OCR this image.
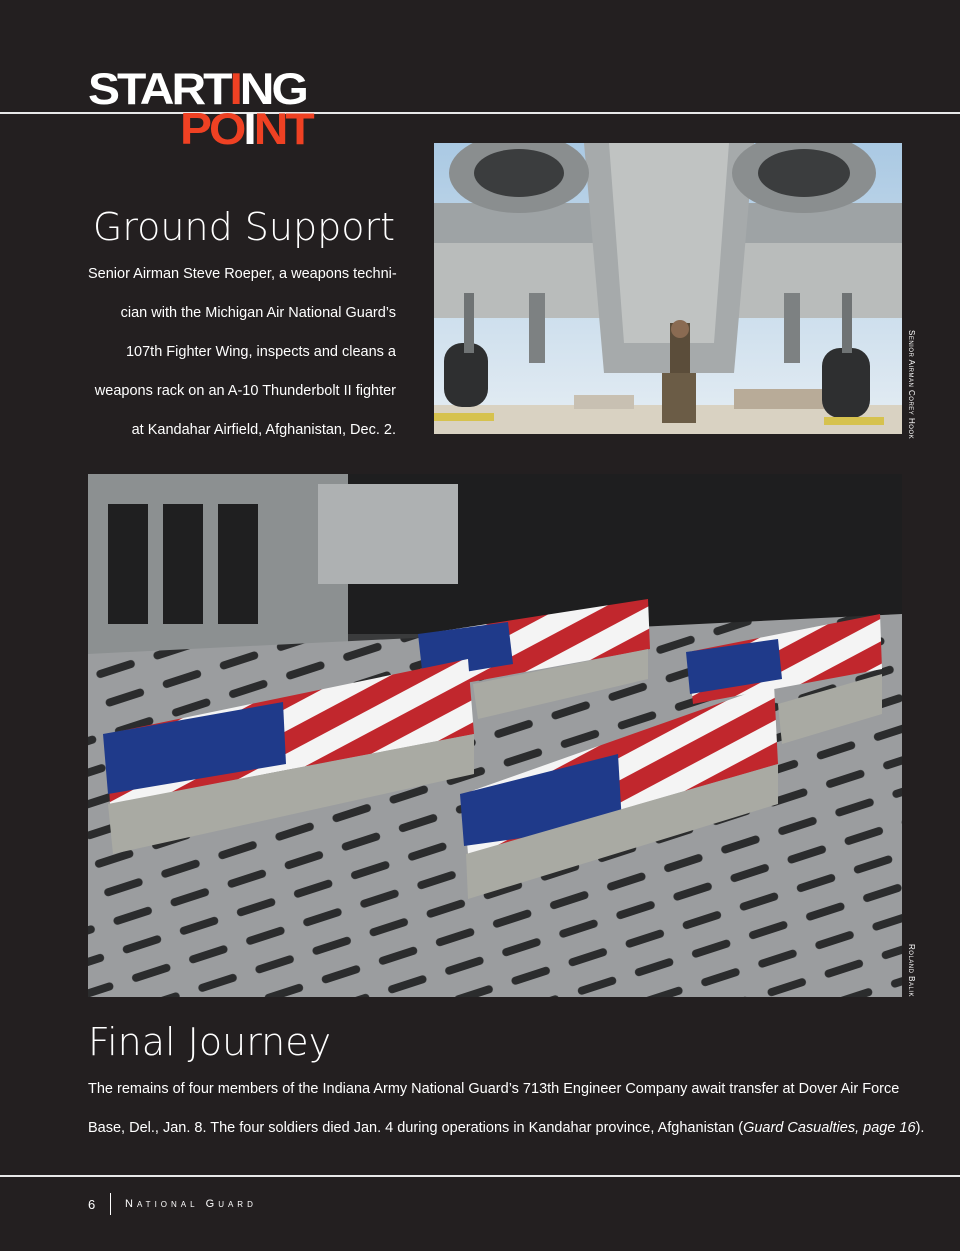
STARTING
POINT
Ground Support

Senior Airman Steve Roeper, a weapons techni-

cian with the Michigan Air National Guard’s

107th Fighter Wing, inspects and cleans a

weapons rack on an A-10 Thunderbolt II fighter

at Kandahar Airfield, Afghanistan, Dec. 2.	Senior Airman Corey Hook
Roland Balik
Final Journey

The remains of four members of the Indiana Army National Guard’s 713th Engineer Company await transfer at Dover Air Force

Base, Del., Jan. 8. The four soldiers died Jan. 4 during operations in Kandahar province, Afghanistan (Guard Casualties, page 16).

6	National Guard
